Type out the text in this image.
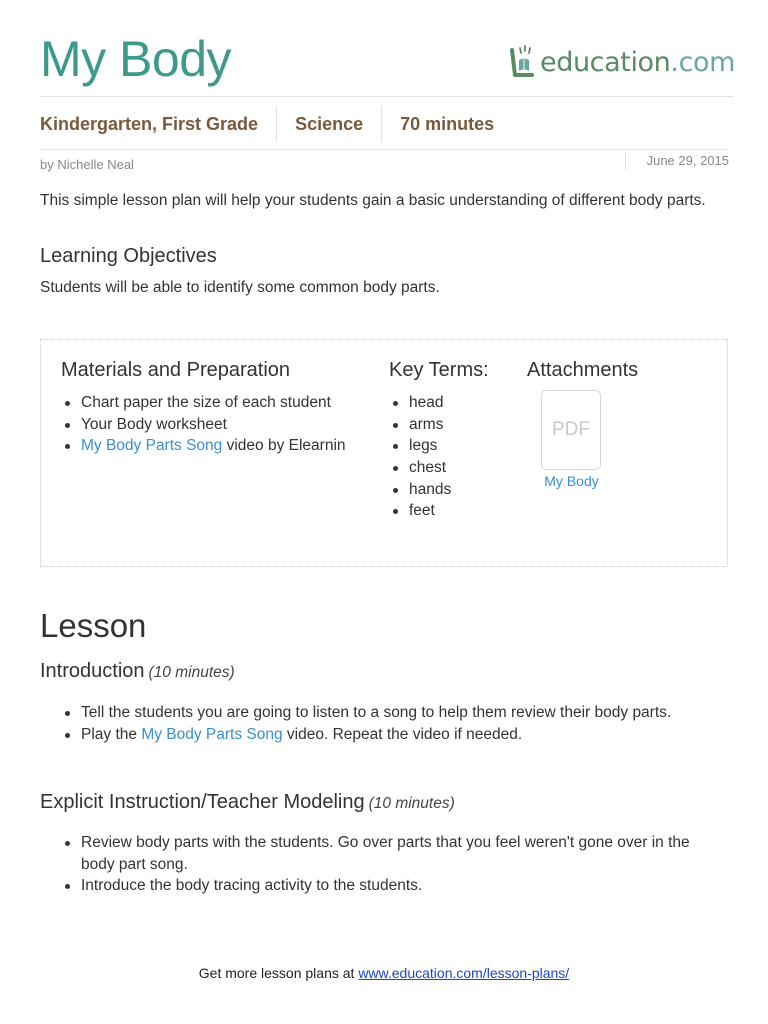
My Body	education.com
Kindergarten, First Grade	Science	70 minutes
by Nichelle Neal	June 29, 2015
This simple lesson plan will help your students gain a basic understanding of different body parts.
Learning Objectives
Students will be able to identify some common body parts.
Materials and Preparation
Chart paper the size of each student
Your Body worksheet
My Body Parts Song video by Elearnin
Key Terms:
head
arms
legs
chest
hands
feet
Attachments
PDF
My Body
Lesson
Introduction (10 minutes)
Tell the students you are going to listen to a song to help them review their body parts.
Play the My Body Parts Song video. Repeat the video if needed.
Explicit Instruction/Teacher Modeling (10 minutes)
Review body parts with the students. Go over parts that you feel weren't gone over in the body part song.
Introduce the body tracing activity to the students.
Get more lesson plans at www.education.com/lesson-plans/
